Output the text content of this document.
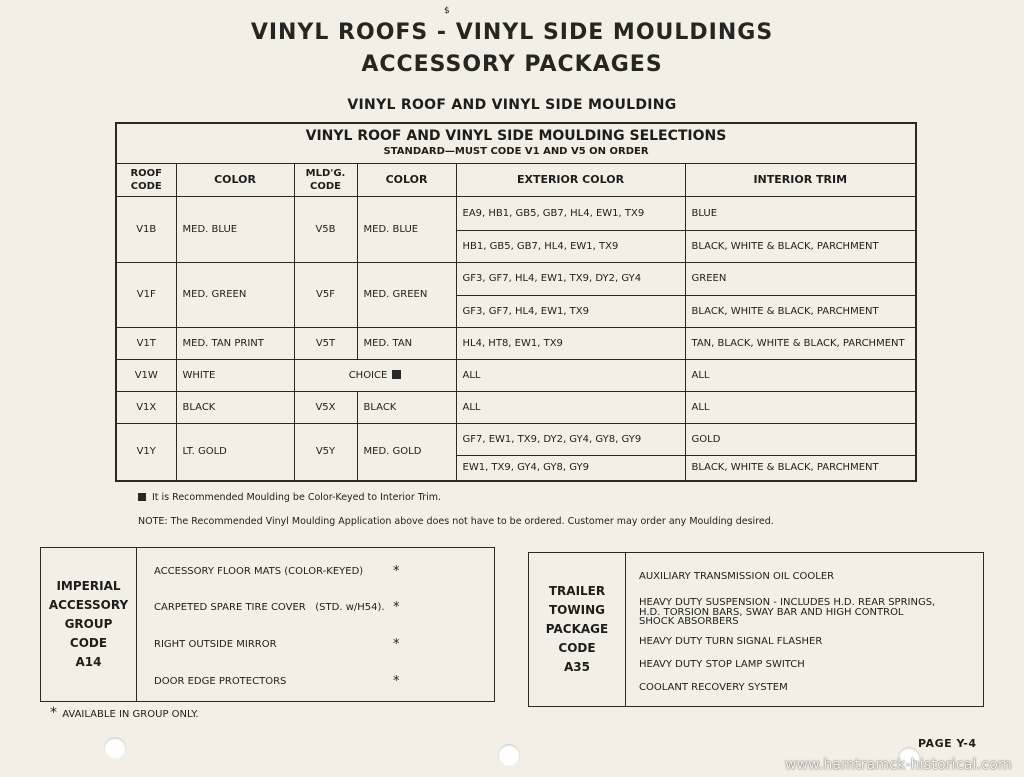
$
VINYL ROOFS - VINYL SIDE MOULDINGS
ACCESSORY PACKAGES
VINYL ROOF AND VINYL SIDE MOULDING
VINYL ROOF AND VINYL SIDE MOULDING SELECTIONS
STANDARD—MUST CODE V1 AND V5 ON ORDER					

ROOF CODE	COLOR	MLD'G. CODE	COLOR	EXTERIOR COLOR	INTERIOR TRIM
V1B	MED. BLUE	V5B	MED. BLUE	EA9, HB1, GB5, GB7, HL4, EW1, TX9	BLUE
				HB1, GB5, GB7, HL4, EW1, TX9	BLACK, WHITE & BLACK, PARCHMENT
V1F	MED. GREEN	V5F	MED. GREEN	GF3, GF7, HL4, EW1, TX9, DY2, GY4	GREEN
				GF3, GF7, HL4, EW1, TX9	BLACK, WHITE & BLACK, PARCHMENT
V1T	MED. TAN PRINT	V5T	MED. TAN	HL4, HT8, EW1, TX9	TAN, BLACK, WHITE & BLACK, PARCHMENT
V1W	WHITE	CHOICE		ALL	ALL
V1X	BLACK	V5X	BLACK	ALL	ALL
V1Y	LT. GOLD	V5Y	MED. GOLD	GF7, EW1, TX9, DY2, GY4, GY8, GY9	GOLD
				EW1, TX9, GY4, GY8, GY9	BLACK, WHITE & BLACK, PARCHMENT
It is Recommended Moulding be Color-Keyed to Interior Trim.
NOTE: The Recommended Vinyl Moulding Application above does not have to be ordered. Customer may order any Moulding desired.
IMPERIAL
ACCESSORY
GROUP
CODE
A14
ACCESSORY FLOOR MATS (COLOR-KEYED) *
CARPETED SPARE TIRE COVER   (STD. w/H54). *
RIGHT OUTSIDE MIRROR	*
DOOR EDGE PROTECTORS	*
TRAILER
TOWING
PACKAGE
CODE
A35
AUXILIARY TRANSMISSION OIL COOLER
HEAVY DUTY SUSPENSION - INCLUDES H.D. REAR SPRINGS,
H.D. TORSION BARS, SWAY BAR AND HIGH CONTROL
SHOCK ABSORBERS
HEAVY DUTY TURN SIGNAL FLASHER
HEAVY DUTY STOP LAMP SWITCH
COOLANT RECOVERY SYSTEM
* AVAILABLE IN GROUP ONLY.
PAGE Y-4
www.hamtramck-historical.com
